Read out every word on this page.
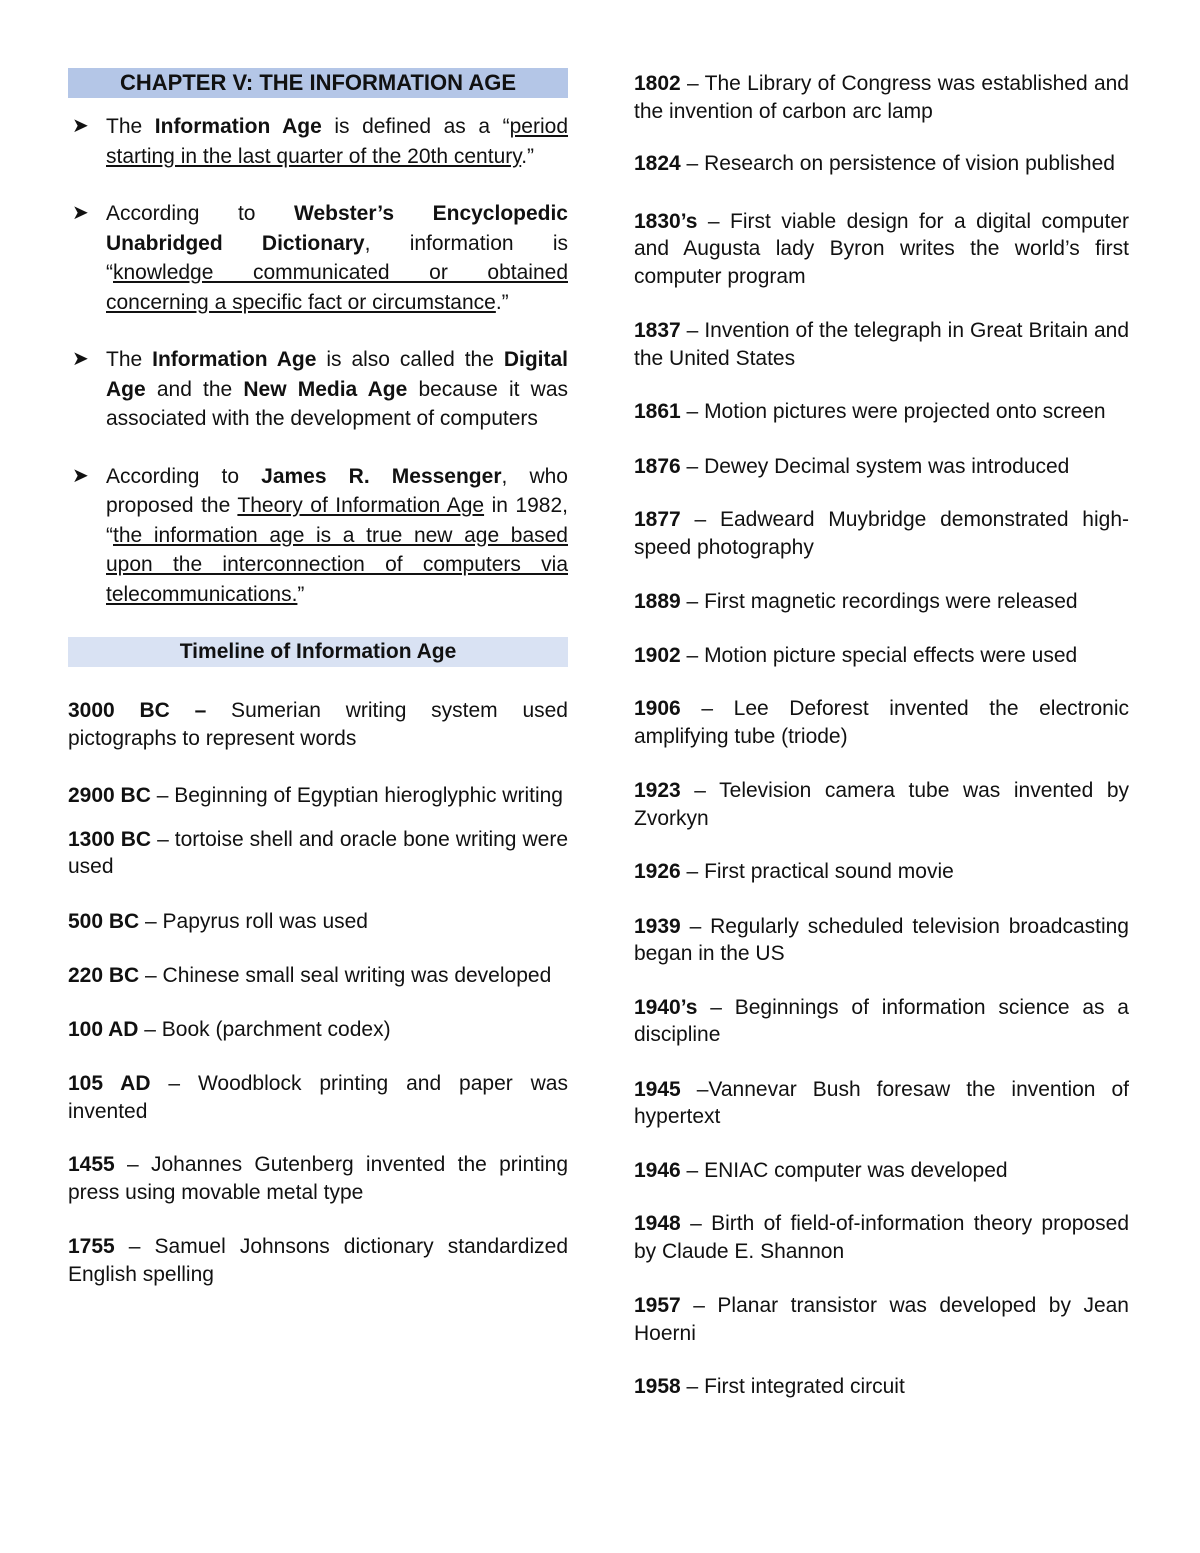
CHAPTER V: THE INFORMATION AGE
➤ The Information Age is defined as a “period starting in the last quarter of the 20th century.”
➤ According to Webster’s Encyclopedic Unabridged Dictionary, information is “knowledge communicated or obtained concerning a specific fact or circumstance.”
➤ The Information Age is also called the Digital Age and the New Media Age because it was associated with the development of computers
➤ According to James R. Messenger, who proposed the Theory of Information Age in 1982, “the information age is a true new age based upon the interconnection of computers via telecommunications.”
Timeline of Information Age
3000 BC – Sumerian writing system used pictographs to represent words
2900 BC – Beginning of Egyptian hieroglyphic writing
1300 BC – tortoise shell and oracle bone writing were used
500 BC – Papyrus roll was used
220 BC – Chinese small seal writing was developed
100 AD – Book (parchment codex)
105 AD – Woodblock printing and paper was invented
1455 – Johannes Gutenberg invented the printing press using movable metal type
1755 – Samuel Johnsons dictionary standardized English spelling
1802 – The Library of Congress was established and the invention of carbon arc lamp
1824 – Research on persistence of vision published
1830’s – First viable design for a digital computer and Augusta lady Byron writes the world’s first computer program
1837 – Invention of the telegraph in Great Britain and the United States
1861 – Motion pictures were projected onto screen
1876 – Dewey Decimal system was introduced
1877 – Eadweard Muybridge demonstrated high-speed photography
1889 – First magnetic recordings were released
1902 – Motion picture special effects were used
1906 – Lee Deforest invented the electronic amplifying tube (triode)
1923 – Television camera tube was invented by Zvorkyn
1926 – First practical sound movie
1939 – Regularly scheduled television broadcasting began in the US
1940’s – Beginnings of information science as a discipline
1945 –Vannevar Bush foresaw the invention of hypertext
1946 – ENIAC computer was developed
1948 – Birth of field-of-information theory proposed by Claude E. Shannon
1957 – Planar transistor was developed by Jean Hoerni
1958 – First integrated circuit
